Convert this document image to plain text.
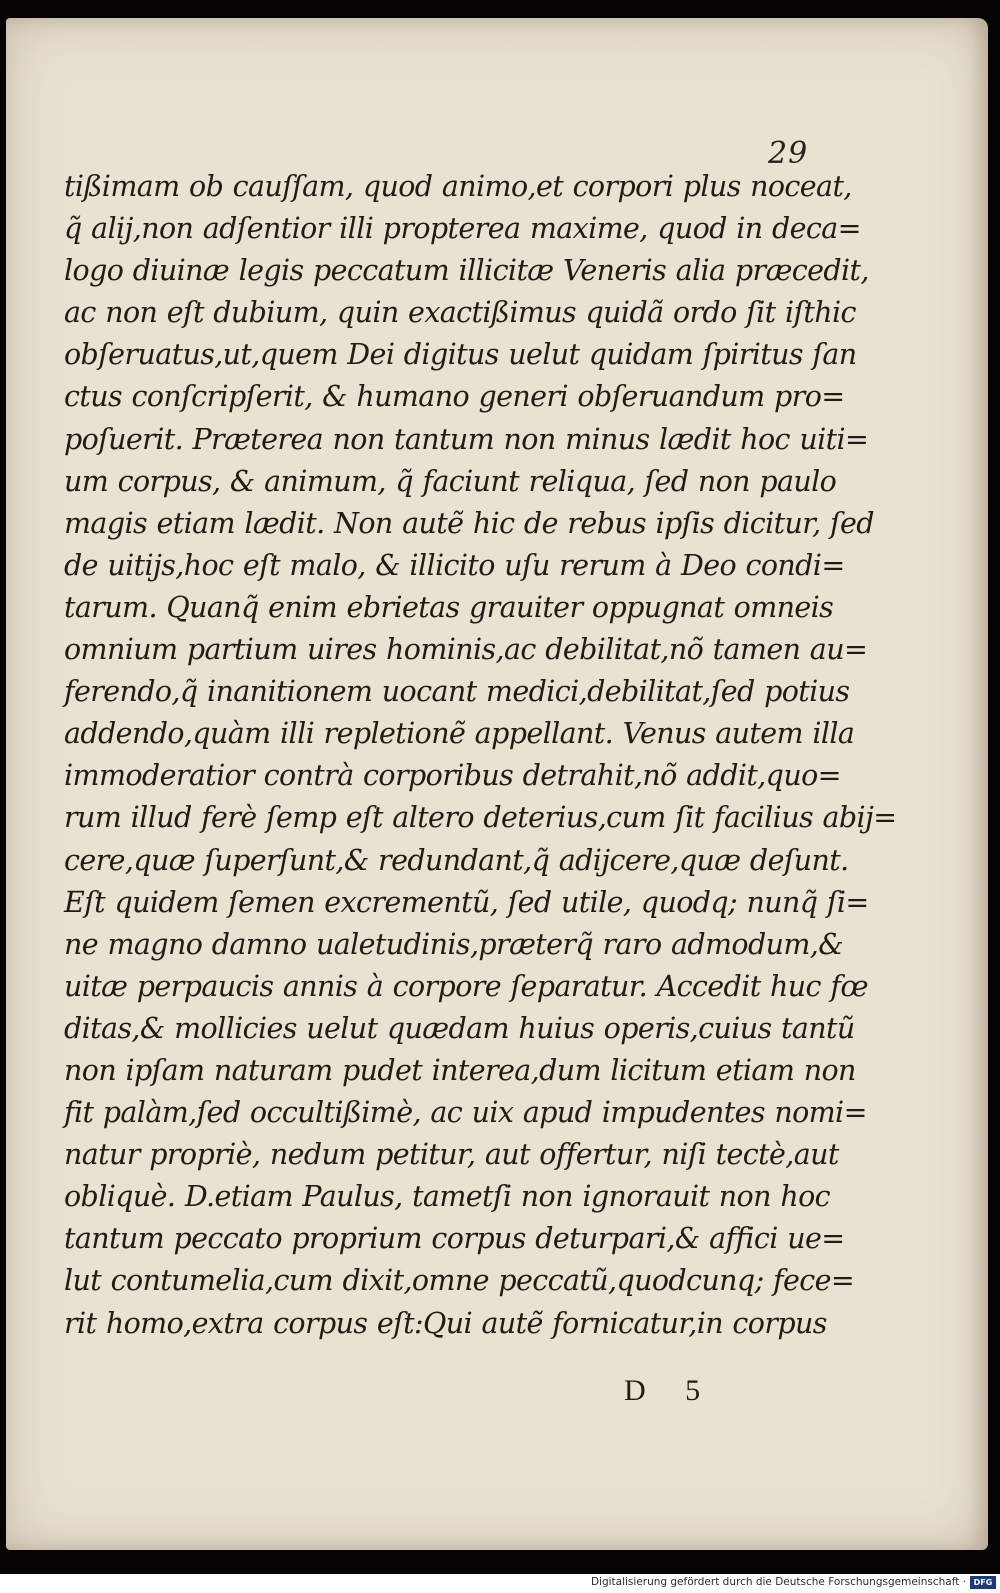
29
tißimam ob cauſſam, quod animo,et corpori plus noceat,
q̃ alij,non adſentior illi propterea maxime, quod in deca=
logo diuinæ legis peccatum illicitæ Veneris alia præcedit,
ac non eſt dubium, quin exactißimus quidã ordo ſit iſthic
obſeruatus,ut,quem Dei digitus uelut quidam ſpiritus ſan
ctus conſcripſerit, & humano generi obſeruandum pro=
poſuerit. Præterea non tantum non minus lædit hoc uiti=
um corpus, & animum, q̃ faciunt reliqua, ſed non paulo
magis etiam lædit. Non autẽ hic de rebus ipſis dicitur, ſed
de uitijs,hoc eſt malo, & illicito uſu rerum à Deo condi=
tarum. Quanq̃ enim ebrietas grauiter oppugnat omneis
omnium partium uires hominis,ac debilitat,nõ tamen au=
ferendo,q̃ inanitionem uocant medici,debilitat,ſed potius
addendo,quàm illi repletionẽ appellant. Venus autem illa
immoderatior contrà corporibus detrahit,nõ addit,quo=
rum illud ferè ſemp eſt altero deterius,cum ſit facilius abij=
cere,quæ ſuperſunt,& redundant,q̃ adijcere,quæ deſunt.
Eſt quidem ſemen excrementũ, ſed utile, quodq; nunq̃ ſi=
ne magno damno ualetudinis,præterq̃ raro admodum,&
uitæ perpaucis annis à corpore ſeparatur. Accedit huc fœ
ditas,& mollicies uelut quædam huius operis,cuius tantũ
non ipſam naturam pudet interea,dum licitum etiam non
fit palàm,ſed occultißimè, ac uix apud impudentes nomi=
natur propriè, nedum petitur, aut offertur, niſi tectè,aut
obliquè. D.etiam Paulus, tametſi non ignorauit non hoc
tantum peccato proprium corpus deturpari,& affici ue=
lut contumelia,cum dixit,omne peccatũ,quodcunq; fece=
rit homo,extra corpus eſt:Qui autẽ fornicatur,in corpus
D 5
Digitalisierung gefördert durch die Deutsche Forschungsgemeinschaft · DFG
